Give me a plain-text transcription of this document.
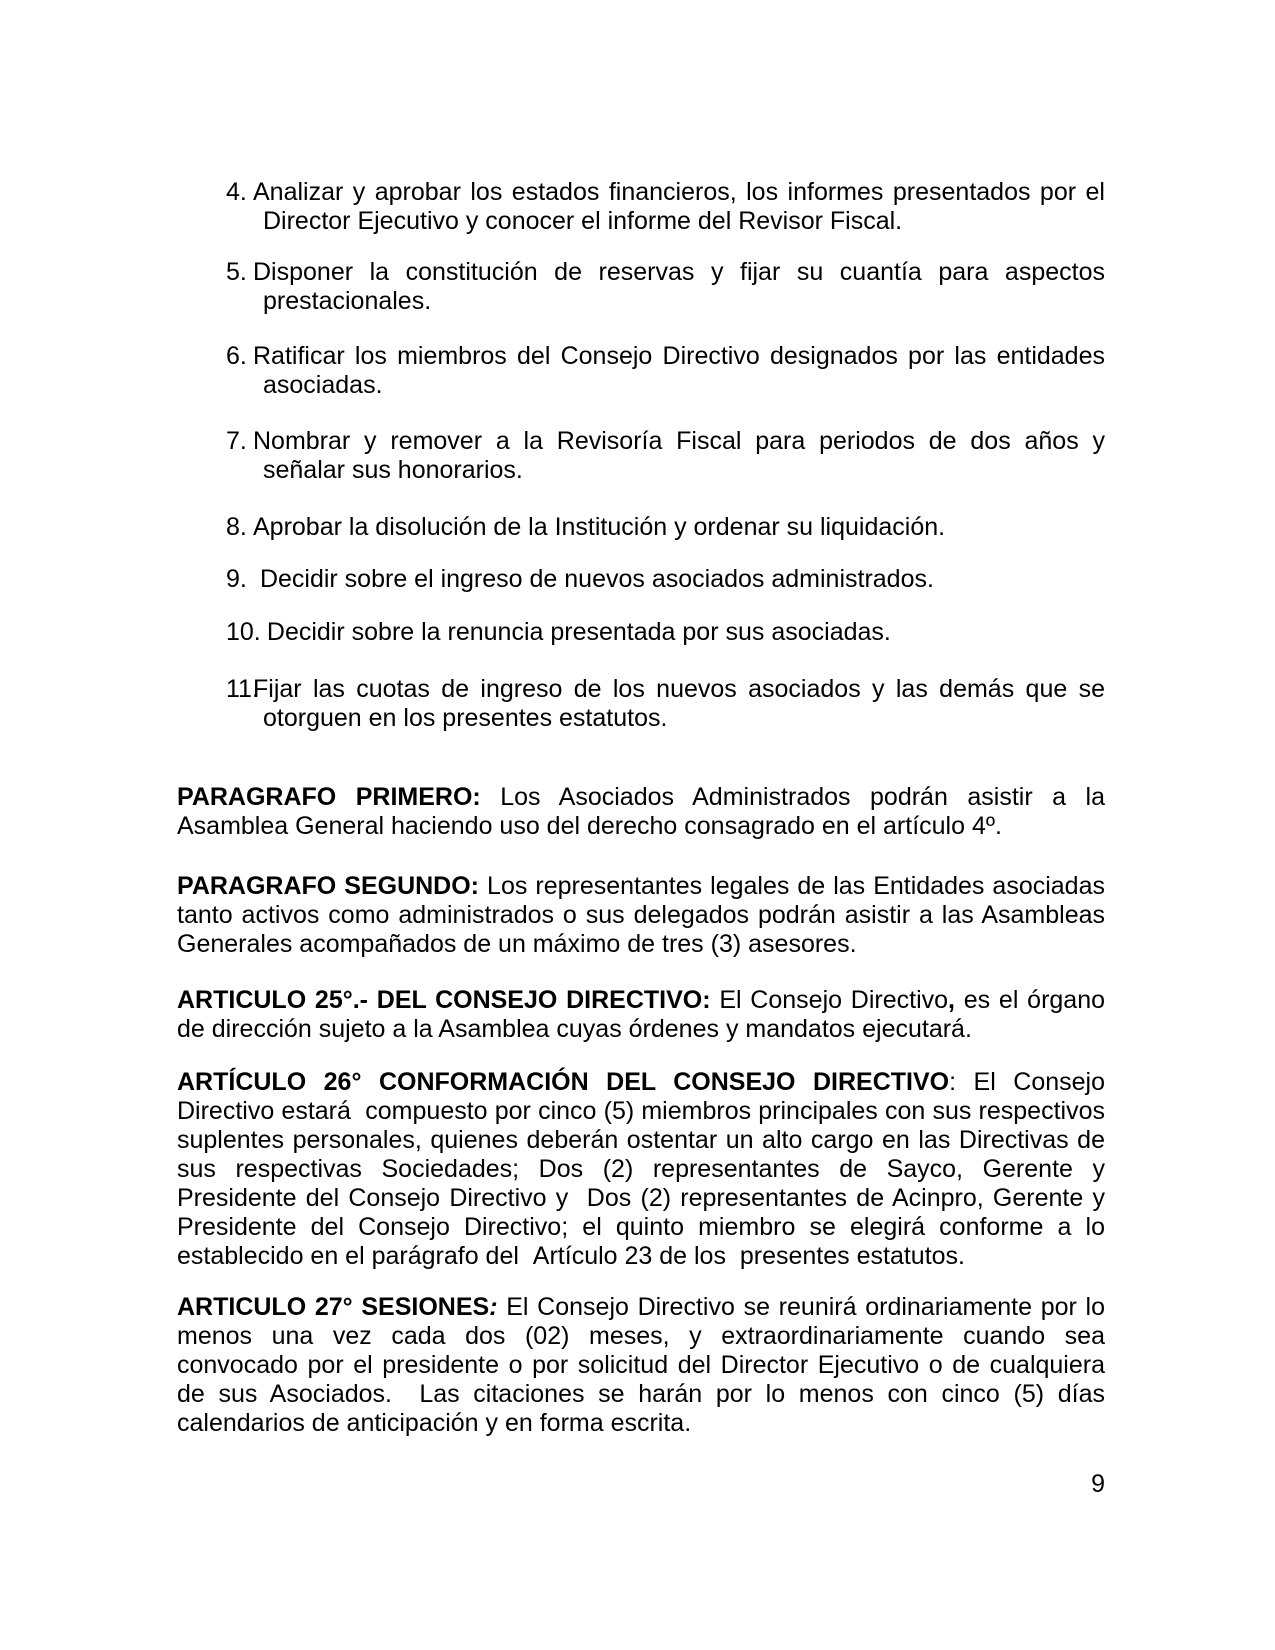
4. Analizar y aprobar los estados financieros, los informes presentados por el Director Ejecutivo y conocer el informe del Revisor Fiscal.
5. Disponer la constitución de reservas y fijar su cuantía para aspectos prestacionales.
6. Ratificar los miembros del Consejo Directivo designados por las entidades asociadas.
7. Nombrar y remover a la Revisoría Fiscal para periodos de dos años y señalar sus honorarios.
8. Aprobar la disolución de la Institución y ordenar su liquidación.
9. Decidir sobre el ingreso de nuevos asociados administrados.
10.
Decidir sobre la renuncia presentada por sus asociadas.
11.
Fijar las cuotas de ingreso de los nuevos asociados y las demás que se otorguen en los presentes estatutos.
PARAGRAFO PRIMERO: Los Asociados Administrados podrán asistir a la Asamblea General haciendo uso del derecho consagrado en el artículo 4º.
PARAGRAFO SEGUNDO: Los representantes legales de las Entidades asociadas tanto activos como administrados o sus delegados podrán asistir a las Asambleas Generales acompañados de un máximo de tres (3) asesores.
ARTICULO 25°.- DEL CONSEJO DIRECTIVO: El Consejo Directivo, es el órgano de dirección sujeto a la Asamblea cuyas órdenes y mandatos ejecutará.
ARTÍCULO 26° CONFORMACIÓN DEL CONSEJO DIRECTIVO: El Consejo Directivo estará  compuesto por cinco (5) miembros principales con sus respectivos suplentes personales, quienes deberán ostentar un alto cargo en las Directivas de sus respectivas Sociedades; Dos (2) representantes de Sayco, Gerente y Presidente del Consejo Directivo y  Dos (2) representantes de Acinpro, Gerente y Presidente del Consejo Directivo; el quinto miembro se elegirá conforme a lo establecido en el parágrafo del  Artículo 23 de los  presentes estatutos.
ARTICULO 27° SESIONES: El Consejo Directivo se reunirá ordinariamente por lo menos una vez cada dos (02) meses, y extraordinariamente cuando sea convocado por el presidente o por solicitud del Director Ejecutivo o de cualquiera de sus Asociados.  Las citaciones se harán por lo menos con cinco (5) días calendarios de anticipación y en forma escrita.
9
